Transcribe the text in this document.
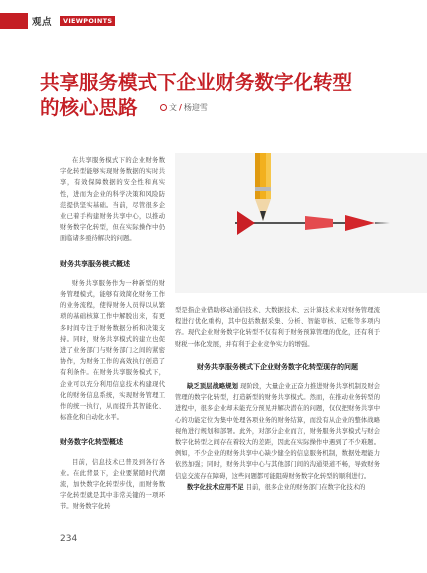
观点	VIEWPOINTS
共享服务模式下企业财务数字化转型
的核心思路	文 / 杨迎雪

在共享服务模式下的企业财务数字化转型能够实现财务数据的实时共享，有效保障数据的安全性和真实性，进而为企业的科学决策和风险防范提供坚实基础。当前，尽管很多企业已着手构建财务共享中心，以推动财务数字化转型，但在实际操作中仍面临诸多亟待解决的问题。

财务共享服务模式概述

财务共享服务作为一种新型的财务管理模式，能够有效简化财务工作的业务流程，使得财务人员得以从繁琐的基础核算工作中解脱出来，有更多时间专注于财务数据分析和决策支持。同时，财务共享模式的建立也促进了业务部门与财务部门之间的紧密协作，为财务工作的高效执行创造了有利条件。在财务共享服务模式下，企业可以充分利用信息技术构建现代化的财务信息系统，实现财务管理工作的统一执行，从而提升其智能化、标准化和自动化水平。

财务数字化转型概述

目前，信息技术已普及到各行各业。在此背景下，企业要紧随时代潮流，加快数字化转型步伐，而财务数字化转型就是其中非常关键的一项环节。财务数字化转

型是指企业借助移动通信技术、大数据技术、云计算技术来对财务管理流程进行优化重构，其中包括数据采集、分析、智能审核、记账等多项内容。现代企业财务数字化转型不仅有利于财务预算管理的优化，还有利于财税一体化发展，并有利于企业竞争实力的增强。

财务共享服务模式下企业财务数字化转型现存的问题

缺乏顶层战略规划 现阶段，大量企业正奋力推进财务共享机制及财会管理的数字化转型，打造新型的财务共享模式。然而，在推动业务转型的进程中，很多企业却未能充分预见并解决潜在的问题，仅仅把财务共享中心的功能定位为集中处理各项业务的财务结算，而没有从企业的整体战略视角进行规划和部署。此外，对部分企业而言，财务服务共享模式与财会数字化转型之间存在着较大的差距，因此在实际操作中遇到了不少难题。例如，不少企业的财务共享中心缺少健全的信息服务机制，数据处理能力依然加强；同时，财务共享中心与其他部门间的沟通渠道不畅，导致财务信息交流存在障碍，这些问题都可能阻碍财务数字化转型的顺利进行。

数字化技术应用不足 目前，很多企业的财务部门在数字化技术的

234
